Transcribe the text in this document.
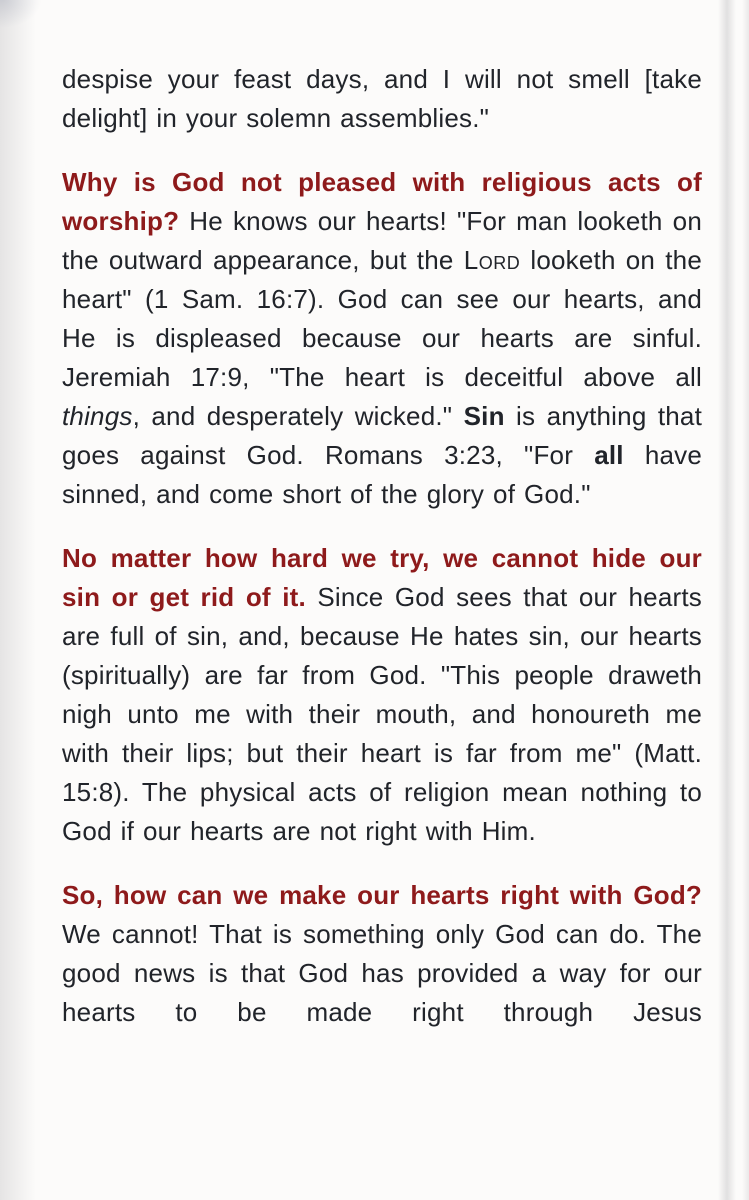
despise your feast days, and I will not smell [take delight] in your solemn assemblies."

Why is God not pleased with religious acts of worship? He knows our hearts! "For man looketh on the outward appearance, but the Lord looketh on the heart" (1 Sam. 16:7). God can see our hearts, and He is displeased because our hearts are sinful. Jeremiah 17:9, "The heart is deceitful above all things, and desperately wicked." Sin is anything that goes against God. Romans 3:23, "For all have sinned, and come short of the glory of God."

No matter how hard we try, we cannot hide our sin or get rid of it. Since God sees that our hearts are full of sin, and, because He hates sin, our hearts (spiritually) are far from God. "This people draweth nigh unto me with their mouth, and honoureth me with their lips; but their heart is far from me" (Matt. 15:8). The physical acts of religion mean nothing to God if our hearts are not right with Him.

So, how can we make our hearts right with God? We cannot! That is something only God can do. The good news is that God has provided a way for our hearts to be made right through Jesus
